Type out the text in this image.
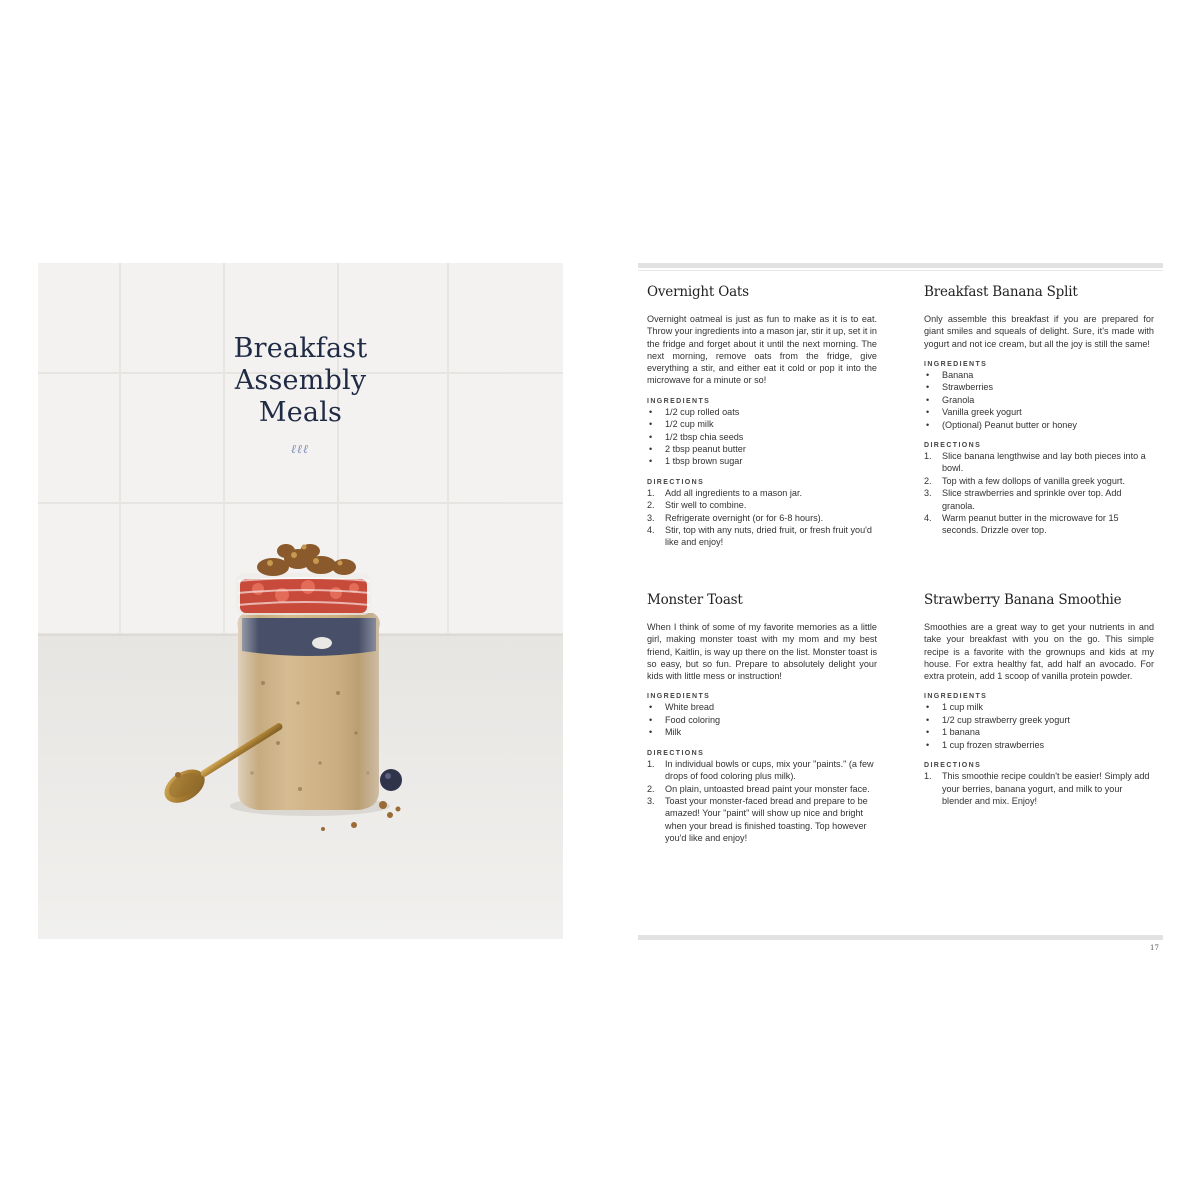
Breakfast
Assembly
Meals
ℓℓℓ
17
Overnight Oats

Overnight oatmeal is just as fun to make as it is to eat. Throw your ingredients into a mason jar, stir it up, set it in the fridge and forget about it until the next morning. The next morning, remove oats from the fridge, give everything a stir, and either eat it cold or pop it into the microwave for a minute or so!

INGREDIENTS
• 1/2 cup rolled oats
• 1/2 cup milk
• 1/2 tbsp chia seeds
• 2 tbsp peanut butter
• 1 tbsp brown sugar
DIRECTIONS
1. Add all ingredients to a mason jar.
2. Stir well to combine.
3. Refrigerate overnight (or for 6-8 hours).
4. Stir, top with any nuts, dried fruit, or fresh fruit you'd like and enjoy!
Breakfast Banana Split

Only assemble this breakfast if you are prepared for giant smiles and squeals of delight. Sure, it's made with yogurt and not ice cream, but all the joy is still the same!

INGREDIENTS
• Banana
• Strawberries
• Granola
• Vanilla greek yogurt
• (Optional) Peanut butter or honey
DIRECTIONS
1. Slice banana lengthwise and lay both pieces into a bowl.
2. Top with a few dollops of vanilla greek yogurt.
3. Slice strawberries and sprinkle over top. Add granola.
4. Warm peanut butter in the microwave for 15 seconds. Drizzle over top.
Monster Toast

When I think of some of my favorite memories as a little girl, making monster toast with my mom and my best friend, Kaitlin, is way up there on the list. Monster toast is so easy, but so fun. Prepare to absolutely delight your kids with little mess or instruction!

INGREDIENTS
• White bread
• Food coloring
• Milk
DIRECTIONS
1. In individual bowls or cups, mix your "paints." (a few drops of food coloring plus milk).
2. On plain, untoasted bread paint your monster face.
3. Toast your monster-faced bread and prepare to be amazed! Your "paint" will show up nice and bright when your bread is finished toasting. Top however you'd like and enjoy!
Strawberry Banana Smoothie

Smoothies are a great way to get your nutrients in and take your breakfast with you on the go. This simple recipe is a favorite with the grownups and kids at my house. For extra healthy fat, add half an avocado. For extra protein, add 1 scoop of vanilla protein powder.

INGREDIENTS
• 1 cup milk
• 1/2 cup strawberry greek yogurt
• 1 banana
• 1 cup frozen strawberries
DIRECTIONS
1. This smoothie recipe couldn't be easier! Simply add your berries, banana yogurt, and milk to your blender and mix. Enjoy!
